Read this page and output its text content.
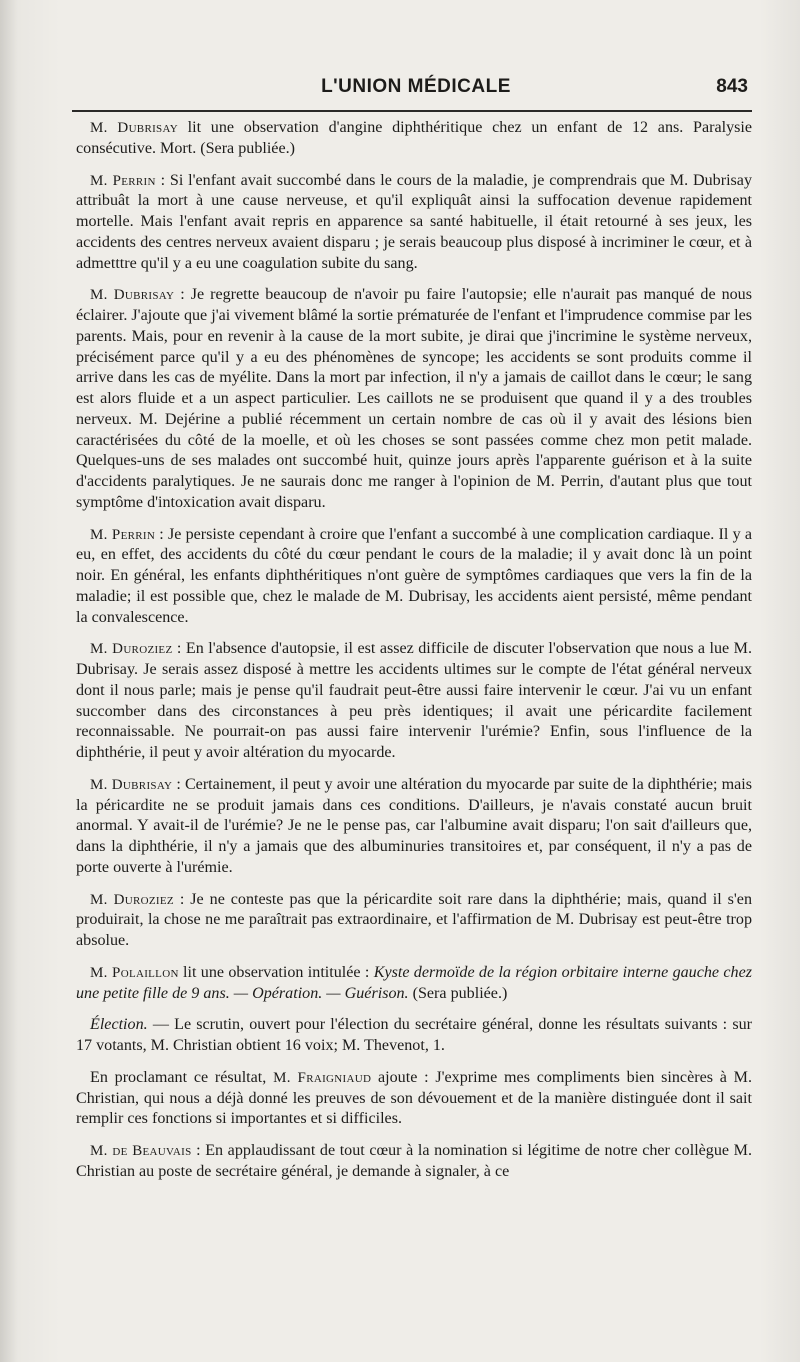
L'UNION MÉDICALE	843

M. Dubrisay lit une observation d'angine diphthéritique chez un enfant de 12 ans. Paralysie consécutive. Mort. (Sera publiée.)

M. Perrin : Si l'enfant avait succombé dans le cours de la maladie, je comprendrais que M. Dubrisay attribuât la mort à une cause nerveuse, et qu'il expliquât ainsi la suffocation devenue rapidement mortelle. Mais l'enfant avait repris en apparence sa santé habituelle, il était retourné à ses jeux, les accidents des centres nerveux avaient disparu ; je serais beaucoup plus disposé à incriminer le cœur, et à admetttre qu'il y a eu une coagulation subite du sang.

M. Dubrisay : Je regrette beaucoup de n'avoir pu faire l'autopsie; elle n'aurait pas manqué de nous éclairer. J'ajoute que j'ai vivement blâmé la sortie prématurée de l'enfant et l'imprudence commise par les parents. Mais, pour en revenir à la cause de la mort subite, je dirai que j'incrimine le système nerveux, précisément parce qu'il y a eu des phénomènes de syncope; les accidents se sont produits comme il arrive dans les cas de myélite. Dans la mort par infection, il n'y a jamais de caillot dans le cœur; le sang est alors fluide et a un aspect particulier. Les caillots ne se produisent que quand il y a des troubles nerveux. M. Dejérine a publié récemment un certain nombre de cas où il y avait des lésions bien caractérisées du côté de la moelle, et où les choses se sont passées comme chez mon petit malade. Quelques-uns de ses malades ont succombé huit, quinze jours après l'apparente guérison et à la suite d'accidents paralytiques. Je ne saurais donc me ranger à l'opinion de M. Perrin, d'autant plus que tout symptôme d'intoxication avait disparu.

M. Perrin : Je persiste cependant à croire que l'enfant a succombé à une complication cardiaque. Il y a eu, en effet, des accidents du côté du cœur pendant le cours de la maladie; il y avait donc là un point noir. En général, les enfants diphthéritiques n'ont guère de symptômes cardiaques que vers la fin de la maladie; il est possible que, chez le malade de M. Dubrisay, les accidents aient persisté, même pendant la convalescence.

M. Duroziez : En l'absence d'autopsie, il est assez difficile de discuter l'observation que nous a lue M. Dubrisay. Je serais assez disposé à mettre les accidents ultimes sur le compte de l'état général nerveux dont il nous parle; mais je pense qu'il faudrait peut-être aussi faire intervenir le cœur. J'ai vu un enfant succomber dans des circonstances à peu près identiques; il avait une péricardite facilement reconnaissable. Ne pourrait-on pas aussi faire intervenir l'urémie? Enfin, sous l'influence de la diphthérie, il peut y avoir altération du myocarde.

M. Dubrisay : Certainement, il peut y avoir une altération du myocarde par suite de la diphthérie; mais la péricardite ne se produit jamais dans ces conditions. D'ailleurs, je n'avais constaté aucun bruit anormal. Y avait-il de l'urémie? Je ne le pense pas, car l'albumine avait disparu; l'on sait d'ailleurs que, dans la diphthérie, il n'y a jamais que des albuminuries transitoires et, par conséquent, il n'y a pas de porte ouverte à l'urémie.

M. Duroziez : Je ne conteste pas que la péricardite soit rare dans la diphthérie; mais, quand il s'en produirait, la chose ne me paraîtrait pas extraordinaire, et l'affirmation de M. Dubrisay est peut-être trop absolue.

M. Polaillon lit une observation intitulée : Kyste dermoïde de la région orbitaire interne gauche chez une petite fille de 9 ans. — Opération. — Guérison. (Sera publiée.)

Élection. — Le scrutin, ouvert pour l'élection du secrétaire général, donne les résultats suivants : sur 17 votants, M. Christian obtient 16 voix; M. Thevenot, 1.

En proclamant ce résultat, M. Fraigniaud ajoute : J'exprime mes compliments bien sincères à M. Christian, qui nous a déjà donné les preuves de son dévouement et de la manière distinguée dont il sait remplir ces fonctions si importantes et si difficiles.

M. de Beauvais : En applaudissant de tout cœur à la nomination si légitime de notre cher collègue M. Christian au poste de secrétaire général, je demande à signaler, à ce
